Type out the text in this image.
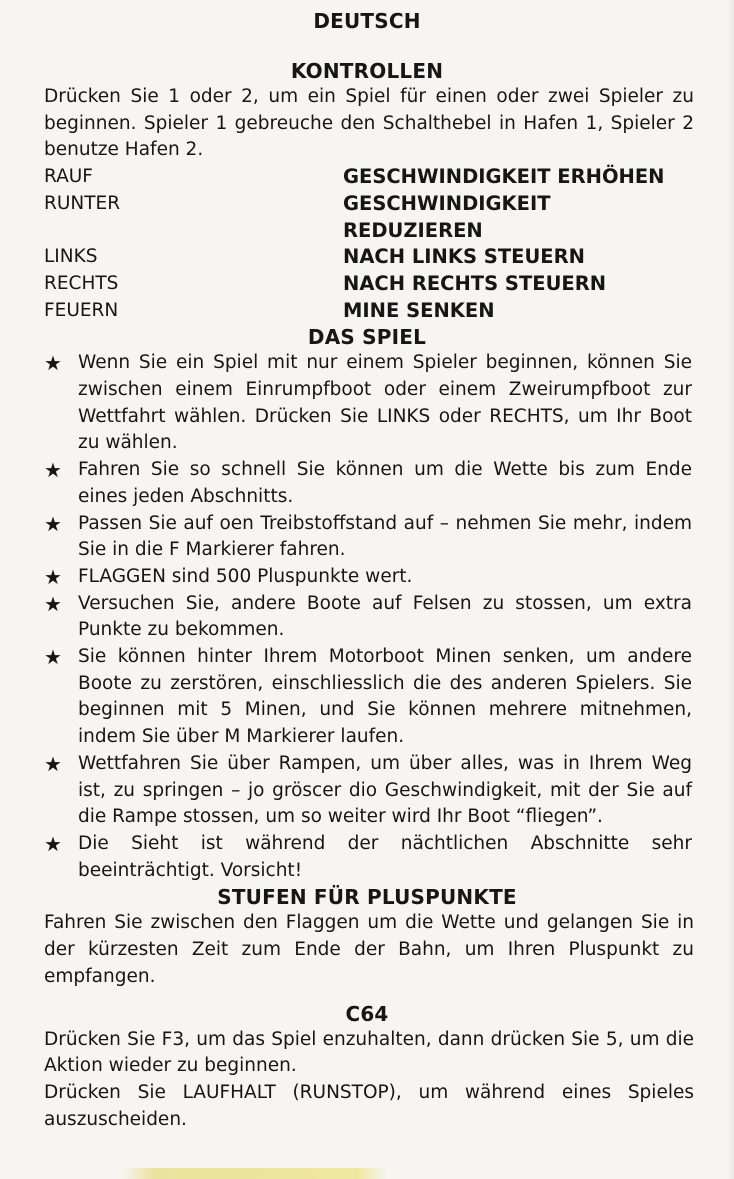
DEUTSCH
KONTROLLEN

Drücken Sie 1 oder 2, um ein Spiel für einen oder zwei Spieler zu beginnen. Spieler 1 gebreuche den Schalthebel in Hafen 1, Spieler 2 benutze Hafen 2.

RAUF	GESCHWINDIGKEIT ERHÖHEN
RUNTER	GESCHWINDIGKEIT REDUZIEREN
LINKS	NACH LINKS STEUERN
RECHTS	NACH RECHTS STEUERN
FEUERN	MINE SENKEN
DAS SPIEL
★ Wenn Sie ein Spiel mit nur einem Spieler beginnen, können Sie zwischen einem Einrumpfboot oder einem Zweirumpfboot zur Wettfahrt wählen. Drücken Sie LINKS oder RECHTS, um Ihr Boot zu wählen.
★ Fahren Sie so schnell Sie können um die Wette bis zum Ende eines jeden Abschnitts.
★ Passen Sie auf oen Treibstoffstand auf – nehmen Sie mehr, indem Sie in die F Markierer fahren.
★ FLAGGEN sind 500 Pluspunkte wert.
★ Versuchen Sie, andere Boote auf Felsen zu stossen, um extra Punkte zu bekommen.
★ Sie können hinter Ihrem Motorboot Minen senken, um andere Boote zu zerstören, einschliesslich die des anderen Spielers. Sie beginnen mit 5 Minen, und Sie können mehrere mitnehmen, indem Sie über M Markierer laufen.
★ Wettfahren Sie über Rampen, um über alles, was in Ihrem Weg ist, zu springen – jo gröscer dio Geschwindigkeit, mit der Sie auf die Rampe stossen, um so weiter wird Ihr Boot “fliegen”.
★ Die Sieht ist während der nächtlichen Abschnitte sehr beeinträchtigt. Vorsicht!
STUFEN FÜR PLUSPUNKTE

Fahren Sie zwischen den Flaggen um die Wette und gelangen Sie in der kürzesten Zeit zum Ende der Bahn, um Ihren Pluspunkt zu empfangen.

C64

Drücken Sie F3, um das Spiel enzuhalten, dann drücken Sie 5, um die Aktion wieder zu beginnen.

Drücken Sie LAUFHALT (RUNSTOP), um während eines Spieles auszuscheiden.
